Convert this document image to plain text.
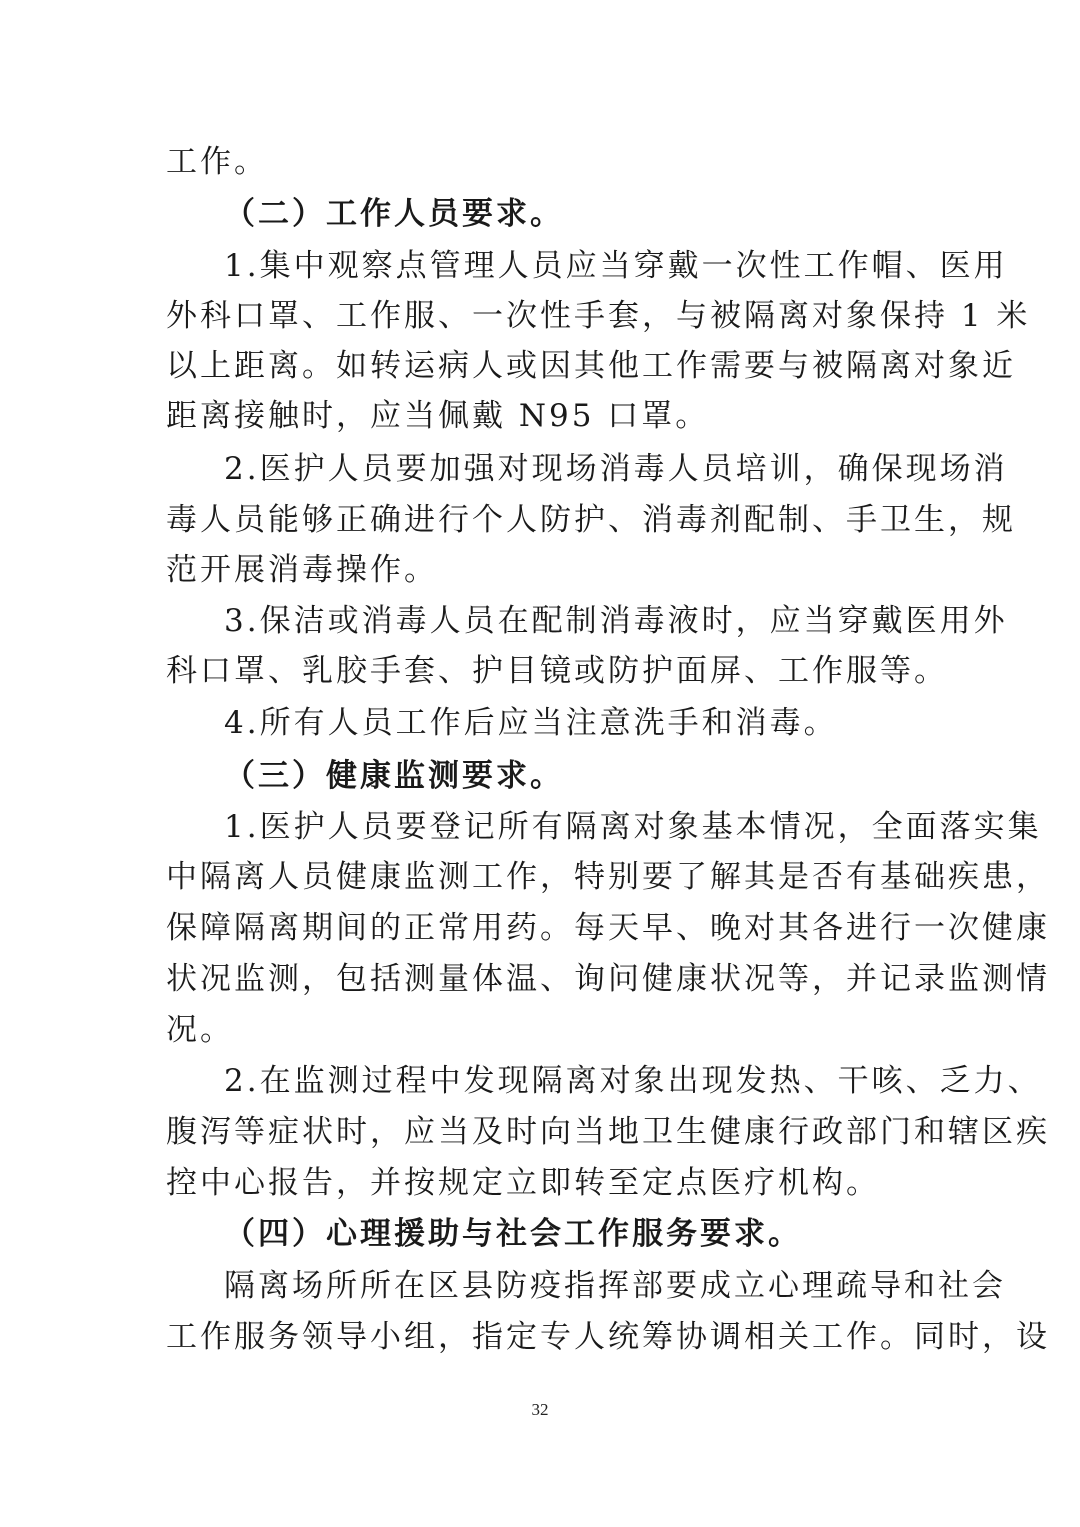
工作。
（二）工作人员要求。
1.集中观察点管理人员应当穿戴一次性工作帽、医用
外科口罩、工作服、一次性手套，与被隔离对象保持 1 米
以上距离。如转运病人或因其他工作需要与被隔离对象近
距离接触时，应当佩戴 N95 口罩。
2.医护人员要加强对现场消毒人员培训，确保现场消
毒人员能够正确进行个人防护、消毒剂配制、手卫生，规
范开展消毒操作。
3.保洁或消毒人员在配制消毒液时，应当穿戴医用外
科口罩、乳胶手套、护目镜或防护面屏、工作服等。
4.所有人员工作后应当注意洗手和消毒。
（三）健康监测要求。
1.医护人员要登记所有隔离对象基本情况，全面落实集
中隔离人员健康监测工作，特别要了解其是否有基础疾患，
保障隔离期间的正常用药。每天早、晚对其各进行一次健康
状况监测，包括测量体温、询问健康状况等，并记录监测情
况。
2.在监测过程中发现隔离对象出现发热、干咳、乏力、
腹泻等症状时，应当及时向当地卫生健康行政部门和辖区疾
控中心报告，并按规定立即转至定点医疗机构。
（四）心理援助与社会工作服务要求。
隔离场所所在区县防疫指挥部要成立心理疏导和社会
工作服务领导小组，指定专人统筹协调相关工作。同时，设
32
